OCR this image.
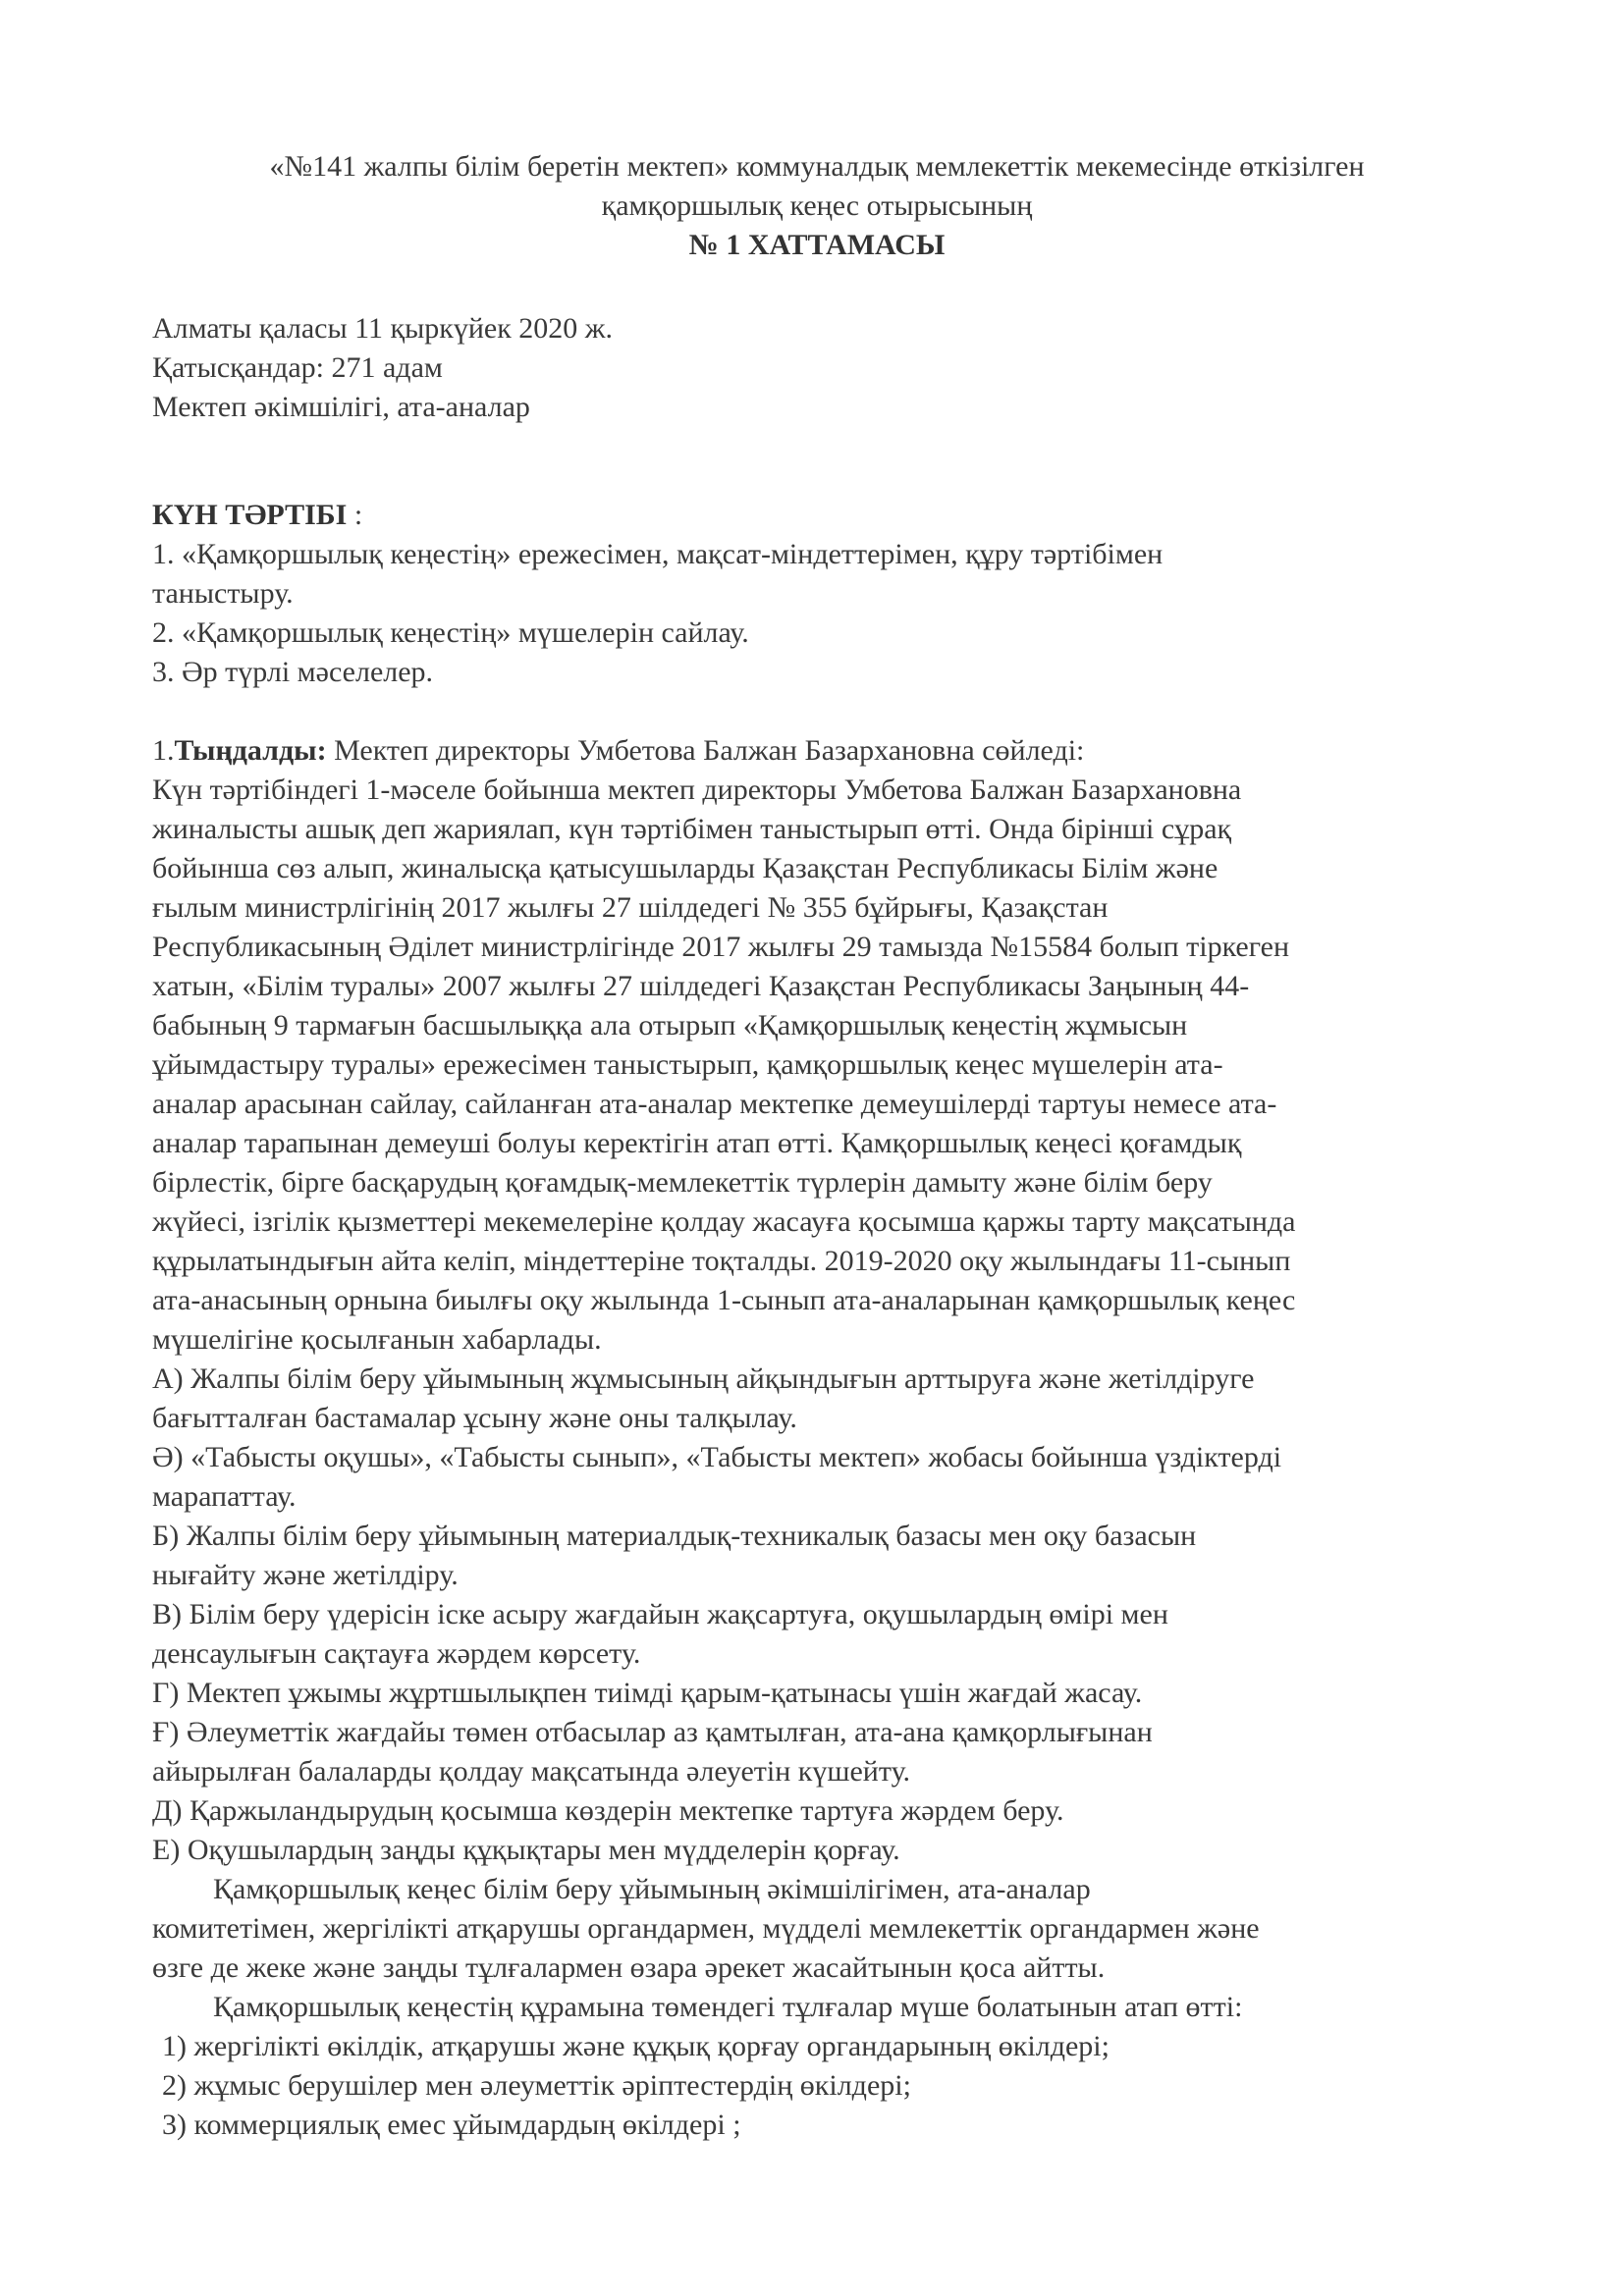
«№141 жалпы білім беретін мектеп» коммуналдық мемлекеттік мекемесінде өткізілген
қамқоршылық кеңес отырысының
№ 1 ХАТТАМАСЫ
Алматы қаласы 11 қыркүйек 2020 ж.
Қатысқандар: 271 адам
Мектеп әкімшілігі, ата-аналар
КҮН ТӘРТІБІ :
1. «Қамқоршылық кеңестің» ережесімен, мақсат-міндеттерімен, құру тәртібімен
таныстыру.
2. «Қамқоршылық кеңестің» мүшелерін сайлау.
3. Әр түрлі мәселелер.
1.Тыңдалды: Мектеп директоры Умбетова Балжан Базархановна сөйледі:
Күн тәртібіндегі 1-мәселе бойынша мектеп директоры Умбетова Балжан Базархановна
жиналысты ашық деп жариялап, күн тәртібімен таныстырып өтті. Онда бірінші сұрақ
бойынша сөз алып, жиналысқа қатысушыларды Қазақстан Республикасы Білім және
ғылым министрлігінің 2017 жылғы 27 шілдедегі № 355 бұйрығы, Қазақстан
Республикасының Әділет министрлігінде 2017 жылғы 29 тамызда №15584 болып тіркеген
хатын, «Білім туралы» 2007 жылғы 27 шілдедегі Қазақстан Республикасы Заңының 44-
бабының 9 тармағын басшылыққа ала отырып «Қамқоршылық кеңестің жұмысын
ұйымдастыру туралы» ережесімен таныстырып, қамқоршылық кеңес мүшелерін ата-
аналар арасынан сайлау, сайланған ата-аналар мектепке демеушілерді тартуы немесе ата-
аналар тарапынан демеуші болуы керектігін атап өтті. Қамқоршылық кеңесі қоғамдық
бірлестік, бірге басқарудың қоғамдық-мемлекеттік түрлерін дамыту және білім беру
жүйесі, ізгілік қызметтері мекемелеріне қолдау жасауға қосымша қаржы тарту мақсатында
құрылатындығын айта келіп, міндеттеріне тоқталды. 2019-2020 оқу жылындағы 11-сынып
ата-анасының орнына биылғы оқу жылында 1-сынып ата-аналарынан қамқоршылық кеңес
мүшелігіне қосылғанын хабарлады.
А) Жалпы білім беру ұйымының жұмысының айқындығын арттыруға және жетілдіруге
бағытталған бастамалар ұсыну және оны талқылау.
Ә) «Табысты оқушы», «Табысты сынып», «Табысты мектеп» жобасы бойынша үздіктерді
марапаттау.
Б) Жалпы білім беру ұйымының материалдық-техникалық базасы мен оқу базасын
нығайту және жетілдіру.
В) Білім беру үдерісін іске асыру жағдайын жақсартуға, оқушылардың өмірі мен
денсаулығын сақтауға жәрдем көрсету.
Г) Мектеп ұжымы жұртшылықпен тиімді қарым-қатынасы үшін жағдай жасау.
Ғ) Әлеуметтік жағдайы төмен отбасылар аз қамтылған, ата-ана қамқорлығынан
айырылған балаларды қолдау мақсатында әлеуетін күшейту.
Д) Қаржыландырудың қосымша көздерін мектепке тартуға жәрдем беру.
Е) Оқушылардың заңды құқықтары мен мүдделерін қорғау.
Қамқоршылық кеңес білім беру ұйымының әкімшілігімен, ата-аналар
комитетімен, жергілікті атқарушы органдармен, мүдделі мемлекеттік органдармен және
өзге де жеке және заңды тұлғалармен өзара әрекет жасайтынын қоса айтты.
Қамқоршылық кеңестің құрамына төмендегі тұлғалар мүше болатынын атап өтті:
1) жергілікті өкілдік, атқарушы және құқық қорғау органдарының өкілдері;
2) жұмыс берушілер мен әлеуметтік әріптестердің өкілдері;
3) коммерциялық емес ұйымдардың өкілдері ;
